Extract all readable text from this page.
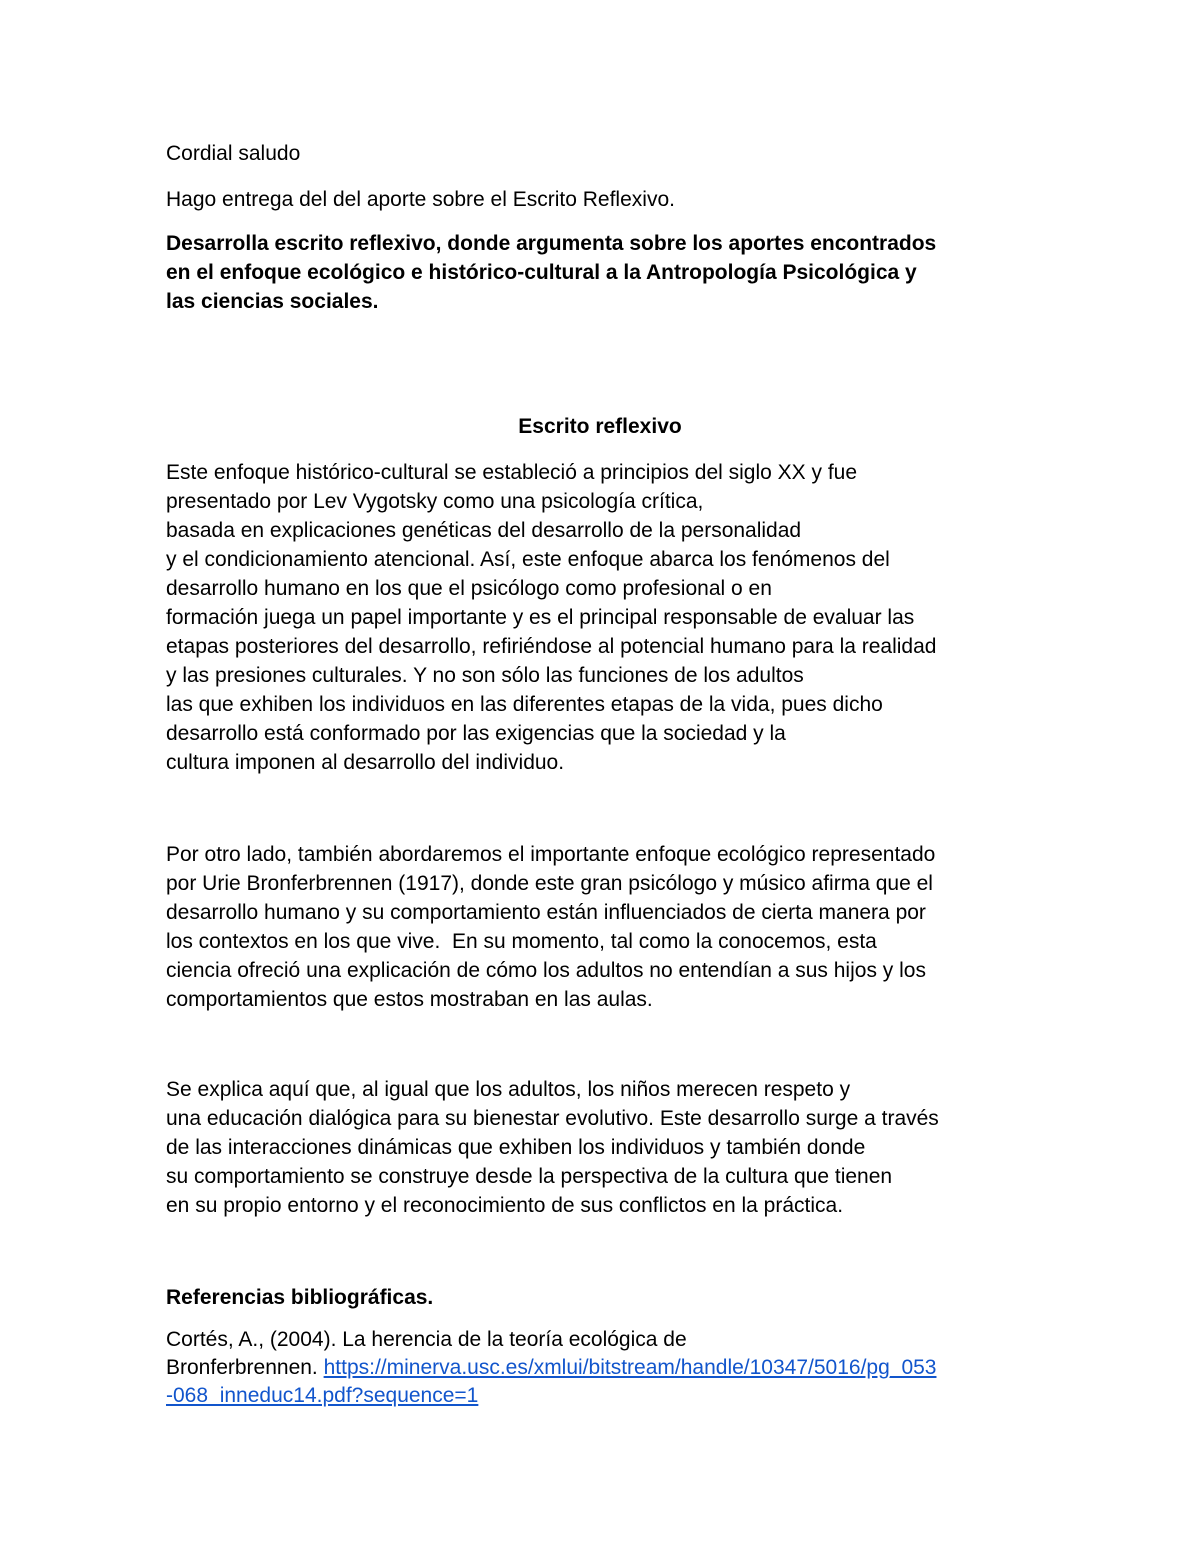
Cordial saludo
Hago entrega del del aporte sobre el Escrito Reflexivo.
Desarrolla escrito reflexivo, donde argumenta sobre los aportes encontrados
en el enfoque ecológico e histórico-cultural a la Antropología Psicológica y
las ciencias sociales.
Escrito reflexivo
Este enfoque histórico-cultural se estableció a principios del siglo XX y fue
presentado por Lev Vygotsky como una psicología crítica,
basada en explicaciones genéticas del desarrollo de la personalidad
y el condicionamiento atencional. Así, este enfoque abarca los fenómenos del
desarrollo humano en los que el psicólogo como profesional o en
formación juega un papel importante y es el principal responsable de evaluar las
etapas posteriores del desarrollo, refiriéndose al potencial humano para la realidad
y las presiones culturales. Y no son sólo las funciones de los adultos
las que exhiben los individuos en las diferentes etapas de la vida, pues dicho
desarrollo está conformado por las exigencias que la sociedad y la
cultura imponen al desarrollo del individuo.
Por otro lado, también abordaremos el importante enfoque ecológico representado
por Urie Bronferbrennen (1917), donde este gran psicólogo y músico afirma que el
desarrollo humano y su comportamiento están influenciados de cierta manera por
los contextos en los que vive.  En su momento, tal como la conocemos, esta
ciencia ofreció una explicación de cómo los adultos no entendían a sus hijos y los
comportamientos que estos mostraban en las aulas.
Se explica aquí que, al igual que los adultos, los niños merecen respeto y
una educación dialógica para su bienestar evolutivo. Este desarrollo surge a través
de las interacciones dinámicas que exhiben los individuos y también donde
su comportamiento se construye desde la perspectiva de la cultura que tienen
en su propio entorno y el reconocimiento de sus conflictos en la práctica.
Referencias bibliográficas.
Cortés, A., (2004). La herencia de la teoría ecológica de
Bronferbrennen. https://minerva.usc.es/xmlui/bitstream/handle/10347/5016/pg_053
-068_inneduc14.pdf?sequence=1
